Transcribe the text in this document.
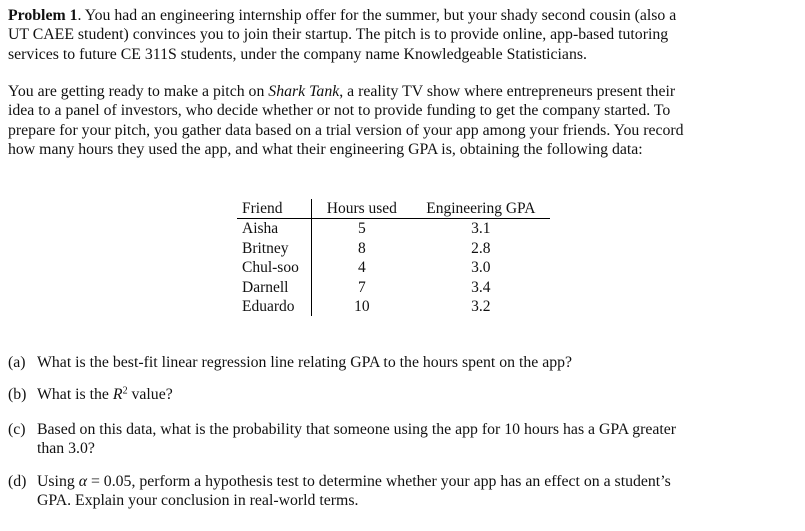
Problem 1. You had an engineering internship offer for the summer, but your shady second cousin (also a
UT CAEE student) convinces you to join their startup. The pitch is to provide online, app-based tutoring
services to future CE 311S students, under the company name Knowledgeable Statisticians.

You are getting ready to make a pitch on Shark Tank, a reality TV show where entrepreneurs present their
idea to a panel of investors, who decide whether or not to provide funding to get the company started. To
prepare for your pitch, you gather data based on a trial version of your app among your friends. You record
how many hours they used the app, and what their engineering GPA is, obtaining the following data:

Friend	Hours used	Engineering GPA
Aisha	5	3.1
Britney	8	2.8
Chul-soo	4	3.0
Darnell	7	3.4
Eduardo	10	3.2
(a) What is the best-fit linear regression line relating GPA to the hours spent on the app?
(b) What is the $R^2$ value?
(c) Based on this data, what is the probability that someone using the app for 10 hours has a GPA greater
than 3.0?
(d) Using α = 0.05, perform a hypothesis test to determine whether your app has an effect on a student’s
GPA. Explain your conclusion in real-world terms.
